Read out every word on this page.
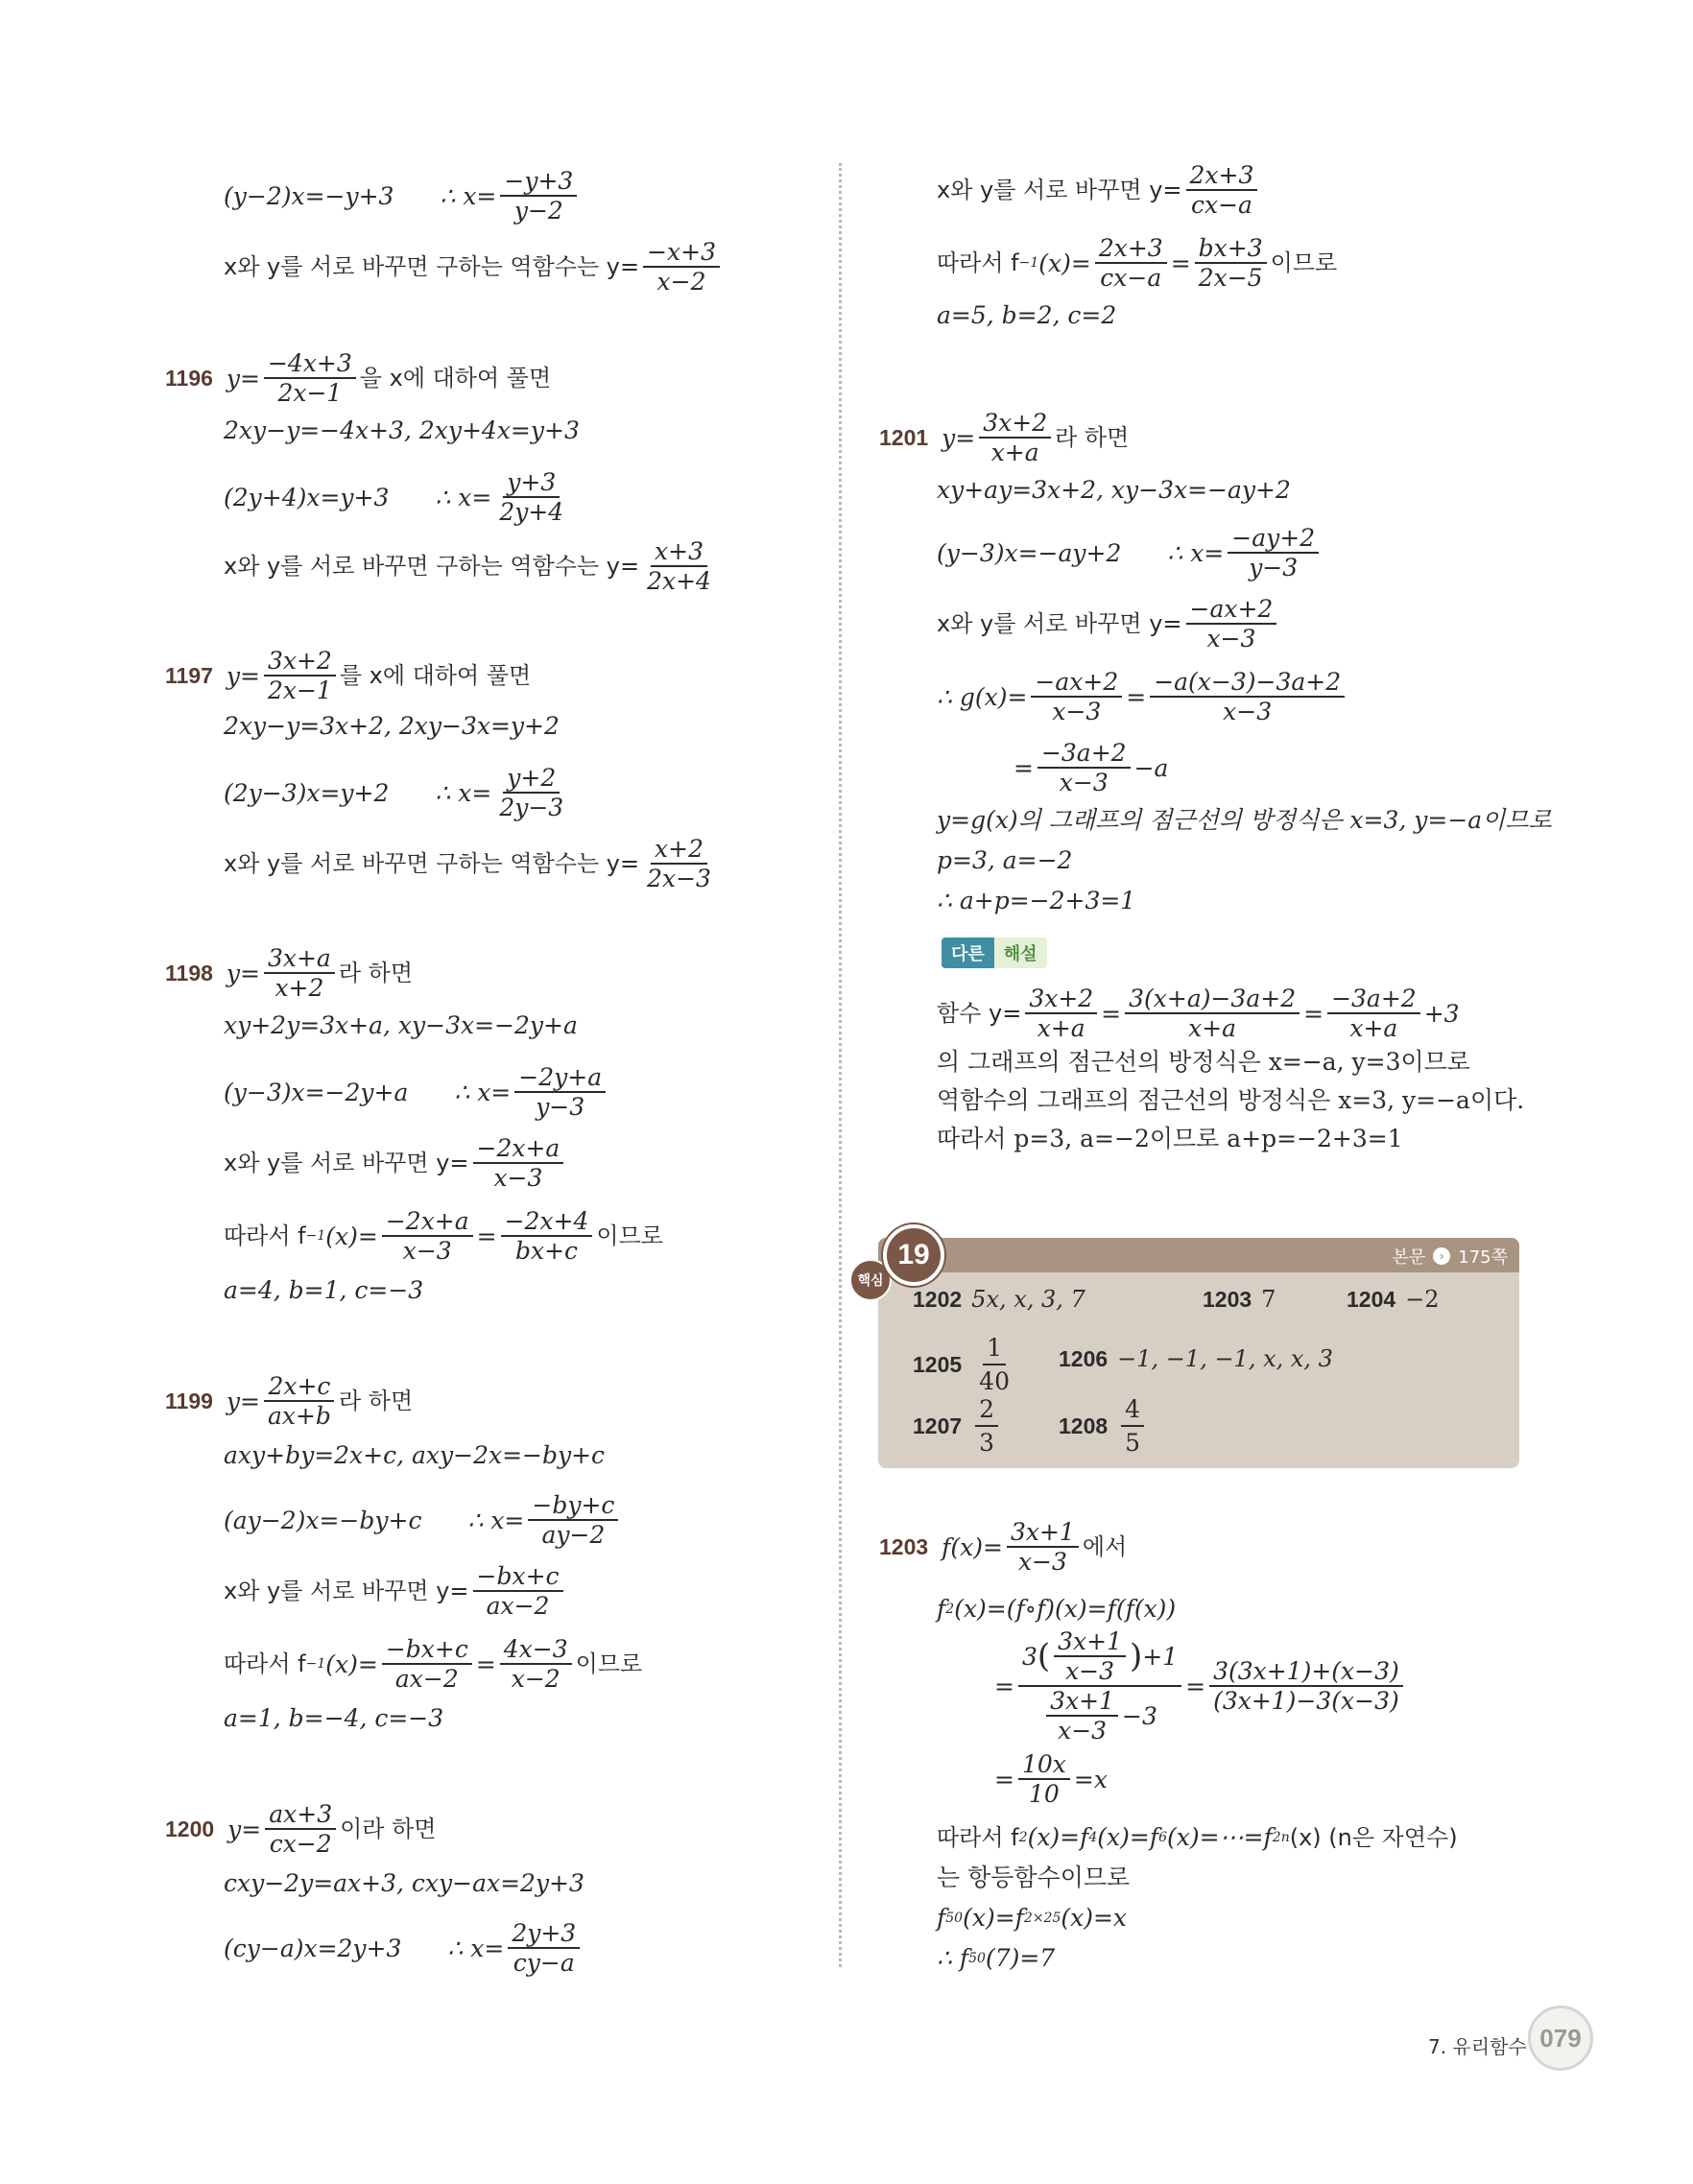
(y−2)x=−y+3 ∴ $x= \frac{-y+3}{y-2}$
x와 y를 서로 바꾸면 구하는 역함수는 $y= \frac{-x+3}{x-2}$
1196 $y= \frac{-4x+3}{2x-1}$ 을 x에 대하여 풀면
2xy−y=−4x+3, 2xy+4x=y+3
(2y+4)x=y+3 ∴ $x= \frac{y+3}{2y+4}$
x와 y를 서로 바꾸면 구하는 역함수는 $y= \frac{x+3}{2x+4}$
1197 $y= \frac{3x+2}{2x-1}$ 를 x에 대하여 풀면
2xy−y=3x+2, 2xy−3x=y+2
(2y−3)x=y+2 ∴ $x= \frac{y+2}{2y-3}$
x와 y를 서로 바꾸면 구하는 역함수는 $y= \frac{x+2}{2x-3}$
1198 $y= \frac{3x+a}{x+2}$ 라 하면
xy+2y=3x+a, xy−3x=−2y+a
(y−3)x=−2y+a ∴ $x= \frac{-2y+a}{y-3}$
x와 y를 서로 바꾸면 $y= \frac{-2x+a}{x-3}$
따라서 f −1 $(x)= \frac{-2x+a}{x-3} = \frac{-2x+4}{bx+c}$ 이므로
a=4, b=1, c=−3
1199 $y= \frac{2x+c}{ax+b}$ 라 하면
axy+by=2x+c, axy−2x=−by+c
(ay−2)x=−by+c ∴ $x= \frac{-by+c}{ay-2}$
x와 y를 서로 바꾸면 $y= \frac{-bx+c}{ax-2}$
따라서 f −1 $(x)= \frac{-bx+c}{ax-2} = \frac{4x-3}{x-2}$ 이므로
a=1, b=−4, c=−3
1200 $y= \frac{ax+3}{cx-2}$ 이라 하면
cxy−2y=ax+3, cxy−ax=2y+3
(cy−a)x=2y+3 ∴ $x= \frac{2y+3}{cy-a}$
x와 y를 서로 바꾸면 $y= \frac{2x+3}{cx-a}$
따라서 f −1 $(x)= \frac{2x+3}{cx-a} = \frac{bx+3}{2x-5}$ 이므로
a=5, b=2, c=2
1201 $y= \frac{3x+2}{x+a}$ 라 하면
xy+ay=3x+2, xy−3x=−ay+2
(y−3)x=−ay+2 ∴ $x= \frac{-ay+2}{y-3}$
x와 y를 서로 바꾸면 $y= \frac{-ax+2}{x-3}$
∴ $g(x)= \frac{-ax+2}{x-3} = \frac{-a(x-3)-3a+2}{x-3}$
= $\frac{-3a+2}{x-3} -a$
y=g(x)의 그래프의 점근선의 방정식은 x=3, y=−a이므로
p=3, a=−2
∴ a+p=−2+3=1
다른	해설
함수 $y= \frac{3x+2}{x+a} = \frac{3(x+a)-3a+2}{x+a} = \frac{-3a+2}{x+a} +3$
의 그래프의 점근선의 방정식은 x=−a, y=3이므로
역함수의 그래프의 점근선의 방정식은 x=3, y=−a이다.
따라서 p=3, a=−2이므로 a+p=−2+3=1
핵심
19	본문	› 175쪽
1202 5x, x, 3, 7	1203 7	1204 −2
$1205 \frac{1}{40} 1206 -1$, −1, −1, x, x, 3
$1207 \frac{2}{3}$	$1208 \frac{4}{5}$
1203 $f(x)= \frac{3x+1}{x-3}$ 에서
f 2 (x)=(f∘f)(x)=f(f(x))
= $\frac{3 ( \frac{3x+1}{x-3} ) +1}{\frac{3x+1}{x-3} -3} = \frac{3(3x+1)+(x-3)}{(3x+1)-3(x-3)}$
= $\frac{10x}{10} =x$
따라서 f 2 (x)=f 4 (x)=f 6 (x)=⋯=f 2n (x) (n은 자연수)
는 항등함수이므로
f 50 (x)=f 2×25 (x)=x
∴ f 50 (7)=7
7. 유리함수 079
